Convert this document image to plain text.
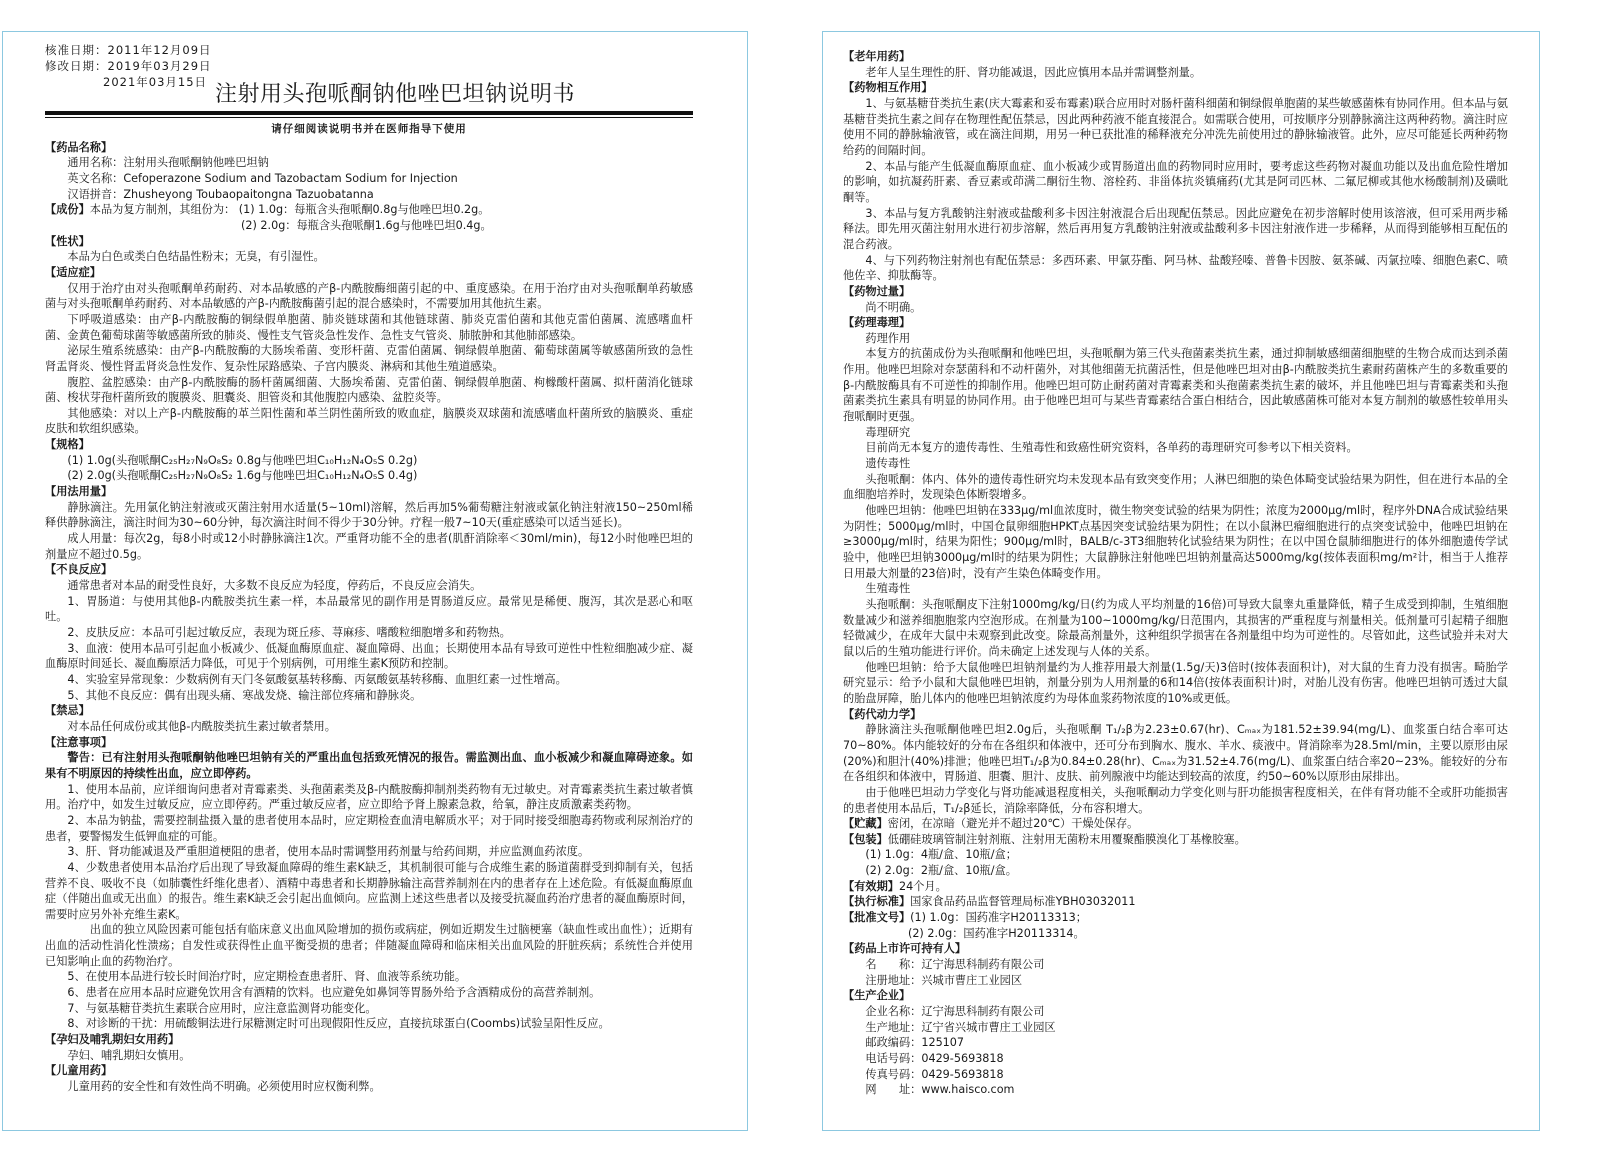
核准日期：2011年12月09日
修改日期：2019年03月29日
2021年03月15日 注射用头孢哌酮钠他唑巴坦钠说明书
请仔细阅读说明书并在医师指导下使用
【药品名称】
通用名称：注射用头孢哌酮钠他唑巴坦钠
英文名称：Cefoperazone Sodium and Tazobactam Sodium for Injection
汉语拼音：Zhusheyong Toubaopaitongna Tazuobatanna
【成份】本品为复方制剂，其组份为： (1) 1.0g：每瓶含头孢哌酮0.8g与他唑巴坦0.2g。
(2) 2.0g：每瓶含头孢哌酮1.6g与他唑巴坦0.4g。
【性状】
本品为白色或类白色结晶性粉末；无臭，有引湿性。
【适应症】
仅用于治疗由对头孢哌酮单药耐药、对本品敏感的产β-内酰胺酶细菌引起的中、重度感染。在用于治疗由对头孢哌酮单药敏感菌与对头孢哌酮单药耐药、对本品敏感的产β-内酰胺酶菌引起的混合感染时，不需要加用其他抗生素。
下呼吸道感染：由产β-内酰胺酶的铜绿假单胞菌、肺炎链球菌和其他链球菌、肺炎克雷伯菌和其他克雷伯菌属、流感嗜血杆菌、金黄色葡萄球菌等敏感菌所致的肺炎、慢性支气管炎急性发作、急性支气管炎、肺脓肿和其他肺部感染。
泌尿生殖系统感染：由产β-内酰胺酶的大肠埃希菌、变形杆菌、克雷伯菌属、铜绿假单胞菌、葡萄球菌属等敏感菌所致的急性肾盂肾炎、慢性肾盂肾炎急性发作、复杂性尿路感染、子宫内膜炎、淋病和其他生殖道感染。
腹腔、盆腔感染：由产β-内酰胺酶的肠杆菌属细菌、大肠埃希菌、克雷伯菌、铜绿假单胞菌、枸橼酸杆菌属、拟杆菌消化链球菌、梭状芽孢杆菌所致的腹膜炎、胆囊炎、胆管炎和其他腹腔内感染、盆腔炎等。
其他感染：对以上产β-内酰胺酶的革兰阳性菌和革兰阴性菌所致的败血症，脑膜炎双球菌和流感嗜血杆菌所致的脑膜炎、重症皮肤和软组织感染。
【规格】
(1) 1.0g(头孢哌酮C₂₅H₂₇N₉O₈S₂ 0.8g与他唑巴坦C₁₀H₁₂N₄O₅S 0.2g)
(2) 2.0g(头孢哌酮C₂₅H₂₇N₉O₈S₂ 1.6g与他唑巴坦C₁₀H₁₂N₄O₅S 0.4g)
【用法用量】
静脉滴注。先用氯化钠注射液或灭菌注射用水适量(5~10ml)溶解，然后再加5%葡萄糖注射液或氯化钠注射液150~250ml稀释供静脉滴注，滴注时间为30~60分钟，每次滴注时间不得少于30分钟。疗程一般7~10天(重症感染可以适当延长)。
成人用量：每次2g，每8小时或12小时静脉滴注1次。严重肾功能不全的患者(肌酐消除率＜30ml/min)，每12小时他唑巴坦的剂量应不超过0.5g。
【不良反应】
通常患者对本品的耐受性良好，大多数不良反应为轻度，停药后，不良反应会消失。
1、胃肠道：与使用其他β-内酰胺类抗生素一样，本品最常见的副作用是胃肠道反应。最常见是稀便、腹泻，其次是恶心和呕吐。
2、皮肤反应：本品可引起过敏反应，表现为斑丘疹、荨麻疹、嗜酸粒细胞增多和药物热。
3、血液：使用本品可引起血小板减少、低凝血酶原血症、凝血障碍、出血；长期使用本品有导致可逆性中性粒细胞减少症、凝血酶原时间延长、凝血酶原活力降低，可见于个别病例，可用维生素K预防和控制。
4、实验室异常现象：少数病例有天门冬氨酸氨基转移酶、丙氨酸氨基转移酶、血胆红素一过性增高。
5、其他不良反应：偶有出现头痛、寒战发烧、输注部位疼痛和静脉炎。
【禁忌】
对本品任何成份或其他β-内酰胺类抗生素过敏者禁用。
【注意事项】
警告：已有注射用头孢哌酮钠他唑巴坦钠有关的严重出血包括致死情况的报告。需监测出血、血小板减少和凝血障碍迹象。如果有不明原因的持续性出血，应立即停药。
1、使用本品前，应详细询问患者对青霉素类、头孢菌素类及β-内酰胺酶抑制剂类药物有无过敏史。对青霉素类抗生素过敏者慎用。治疗中，如发生过敏反应，应立即停药。严重过敏反应者，应立即给予肾上腺素急救，给氧，静注皮质激素类药物。
2、本品为钠盐，需要控制盐摄入量的患者使用本品时，应定期检查血清电解质水平；对于同时接受细胞毒药物或利尿剂治疗的患者，要警惕发生低钾血症的可能。
3、肝、肾功能减退及严重胆道梗阻的患者，使用本品时需调整用药剂量与给药间期，并应监测血药浓度。
4、少数患者使用本品治疗后出现了导致凝血障碍的维生素K缺乏，其机制很可能与合成维生素的肠道菌群受到抑制有关，包括营养不良、吸收不良（如肺囊性纤维化患者）、酒精中毒患者和长期静脉输注高营养制剂在内的患者存在上述危险。有低凝血酶原血症（伴随出血或无出血）的报告。维生素K缺乏会引起出血倾向。应监测上述这些患者以及接受抗凝血药治疗患者的凝血酶原时间，需要时应另外补充维生素K。
出血的独立风险因素可能包括有临床意义出血风险增加的损伤或病症，例如近期发生过脑梗塞（缺血性或出血性）；近期有出血的活动性消化性溃疡；自发性或获得性止血平衡受损的患者；伴随凝血障碍和临床相关出血风险的肝脏疾病；系统性合并使用已知影响止血的药物治疗。
5、在使用本品进行较长时间治疗时，应定期检查患者肝、肾、血液等系统功能。
6、患者在应用本品时应避免饮用含有酒精的饮料。也应避免如鼻饲等胃肠外给予含酒精成份的高营养制剂。
7、与氨基糖苷类抗生素联合应用时，应注意监测肾功能变化。
8、对诊断的干扰：用硫酸铜法进行尿糖测定时可出现假阳性反应，直接抗球蛋白(Coombs)试验呈阳性反应。
【孕妇及哺乳期妇女用药】
孕妇、哺乳期妇女慎用。
【儿童用药】
儿童用药的安全性和有效性尚不明确。必须使用时应权衡利弊。
【老年用药】
老年人呈生理性的肝、肾功能减退，因此应慎用本品并需调整剂量。
【药物相互作用】
1、与氨基糖苷类抗生素(庆大霉素和妥布霉素)联合应用时对肠杆菌科细菌和铜绿假单胞菌的某些敏感菌株有协同作用。但本品与氨基糖苷类抗生素之间存在物理性配伍禁忌，因此两种药液不能直接混合。如需联合使用，可按顺序分别静脉滴注这两种药物。滴注时应使用不同的静脉输液管，或在滴注间期，用另一种已获批准的稀释液充分冲洗先前使用过的静脉输液管。此外，应尽可能延长两种药物给药的间隔时间。
2、本品与能产生低凝血酶原血症、血小板减少或胃肠道出血的药物同时应用时，要考虑这些药物对凝血功能以及出血危险性增加的影响，如抗凝药肝素、香豆素或茚满二酮衍生物、溶栓药、非甾体抗炎镇痛药(尤其是阿司匹林、二氟尼柳或其他水杨酸制剂)及磺吡酮等。
3、本品与复方乳酸钠注射液或盐酸利多卡因注射液混合后出现配伍禁忌。因此应避免在初步溶解时使用该溶液，但可采用两步稀释法。即先用灭菌注射用水进行初步溶解，然后再用复方乳酸钠注射液或盐酸利多卡因注射液作进一步稀释，从而得到能够相互配伍的混合药液。
4、与下列药物注射剂也有配伍禁忌：多西环素、甲氯芬酯、阿马林、盐酸羟嗪、普鲁卡因胺、氨茶碱、丙氯拉嗪、细胞色素C、喷他佐辛、抑肽酶等。
【药物过量】
尚不明确。
【药理毒理】
药理作用
本复方的抗菌成份为头孢哌酮和他唑巴坦，头孢哌酮为第三代头孢菌素类抗生素，通过抑制敏感细菌细胞壁的生物合成而达到杀菌作用。他唑巴坦除对奈瑟菌科和不动杆菌外，对其他细菌无抗菌活性，但是他唑巴坦对由β-内酰胺类抗生素耐药菌株产生的多数重要的β-内酰胺酶具有不可逆性的抑制作用。他唑巴坦可防止耐药菌对青霉素类和头孢菌素类抗生素的破坏，并且他唑巴坦与青霉素类和头孢菌素类抗生素具有明显的协同作用。由于他唑巴坦可与某些青霉素结合蛋白相结合，因此敏感菌株可能对本复方制剂的敏感性较单用头孢哌酮时更强。
毒理研究
目前尚无本复方的遗传毒性、生殖毒性和致癌性研究资料，各单药的毒理研究可参考以下相关资料。
遗传毒性
头孢哌酮：体内、体外的遗传毒性研究均未发现本品有致突变作用；人淋巴细胞的染色体畸变试验结果为阴性，但在进行本品的全血细胞培养时，发现染色体断裂增多。
他唑巴坦钠：他唑巴坦钠在333μg/ml血浓度时，微生物突变试验的结果为阴性；浓度为2000μg/ml时，程序外DNA合成试验结果为阴性；5000μg/ml时，中国仓鼠卵细胞HPKT点基因突变试验结果为阴性；在以小鼠淋巴瘤细胞进行的点突变试验中，他唑巴坦钠在≥3000μg/ml时，结果为阳性；900μg/ml时，BALB/c-3T3细胞转化试验结果为阴性；在以中国仓鼠肺细胞进行的体外细胞遗传学试验中，他唑巴坦钠3000μg/ml时的结果为阴性；大鼠静脉注射他唑巴坦钠剂量高达5000mg/kg(按体表面积mg/m²计，相当于人推荐日用最大剂量的23倍)时，没有产生染色体畸变作用。
生殖毒性
头孢哌酮：头孢哌酮皮下注射1000mg/kg/日(约为成人平均剂量的16倍)可导致大鼠睾丸重量降低，精子生成受到抑制，生殖细胞数量减少和滋养细胞胞浆内空泡形成。在剂量为100~1000mg/kg/日范围内，其损害的严重程度与剂量相关。低剂量可引起精子细胞轻微减少，在成年大鼠中未观察到此改变。除最高剂量外，这种组织学损害在各剂量组中均为可逆性的。尽管如此，这些试验并未对大鼠以后的生殖功能进行评价。尚未确定上述发现与人体的关系。
他唑巴坦钠：给予大鼠他唑巴坦钠剂量约为人推荐用最大剂量(1.5g/天)3倍时(按体表面积计)，对大鼠的生育力没有损害。畸胎学研究显示：给予小鼠和大鼠他唑巴坦钠，剂量分别为人用剂量的6和14倍(按体表面积计)时，对胎儿没有伤害。他唑巴坦钠可透过大鼠的胎盘屏障，胎儿体内的他唑巴坦钠浓度约为母体血浆药物浓度的10%或更低。
【药代动力学】
静脉滴注头孢哌酮他唑巴坦2.0g后，头孢哌酮 T₁/₂β为2.23±0.67(hr)、Cₘₐₓ为181.52±39.94(mg/L)、血浆蛋白结合率可达70~80%。体内能较好的分布在各组织和体液中，还可分布到胸水、腹水、羊水、痰液中。肾消除率为28.5ml/min，主要以原形由尿(20%)和胆汁(40%)排泄；他唑巴坦T₁/₂β为0.84±0.28(hr)、Cₘₐₓ为31.52±4.76(mg/L)、血浆蛋白结合率20~23%。能较好的分布在各组织和体液中，胃肠道、胆囊、胆汁、皮肤、前列腺液中均能达到较高的浓度，约50~60%以原形由尿排出。
由于他唑巴坦动力学变化与肾功能减退程度相关，头孢哌酮动力学变化则与肝功能损害程度相关，在伴有肾功能不全或肝功能损害的患者使用本品后，T₁/₂β延长，消除率降低，分布容积增大。
【贮藏】密闭，在凉暗（避光并不超过20℃）干燥处保存。
【包装】低硼硅玻璃管制注射剂瓶、注射用无菌粉末用覆聚酯膜溴化丁基橡胶塞。
(1) 1.0g：4瓶/盒、10瓶/盒；
(2) 2.0g：2瓶/盒、10瓶/盒。
【有效期】24个月。
【执行标准】国家食品药品监督管理局标准YBH03032011
【批准文号】(1) 1.0g：国药准字H20113313；
(2) 2.0g：国药准字H20113314。
【药品上市许可持有人】
名　　称：辽宁海思科制药有限公司
注册地址：兴城市曹庄工业园区
【生产企业】
企业名称：辽宁海思科制药有限公司
生产地址：辽宁省兴城市曹庄工业园区
邮政编码：125107
电话号码：0429-5693818
传真号码：0429-5693818
网　　址：www.haisco.com
